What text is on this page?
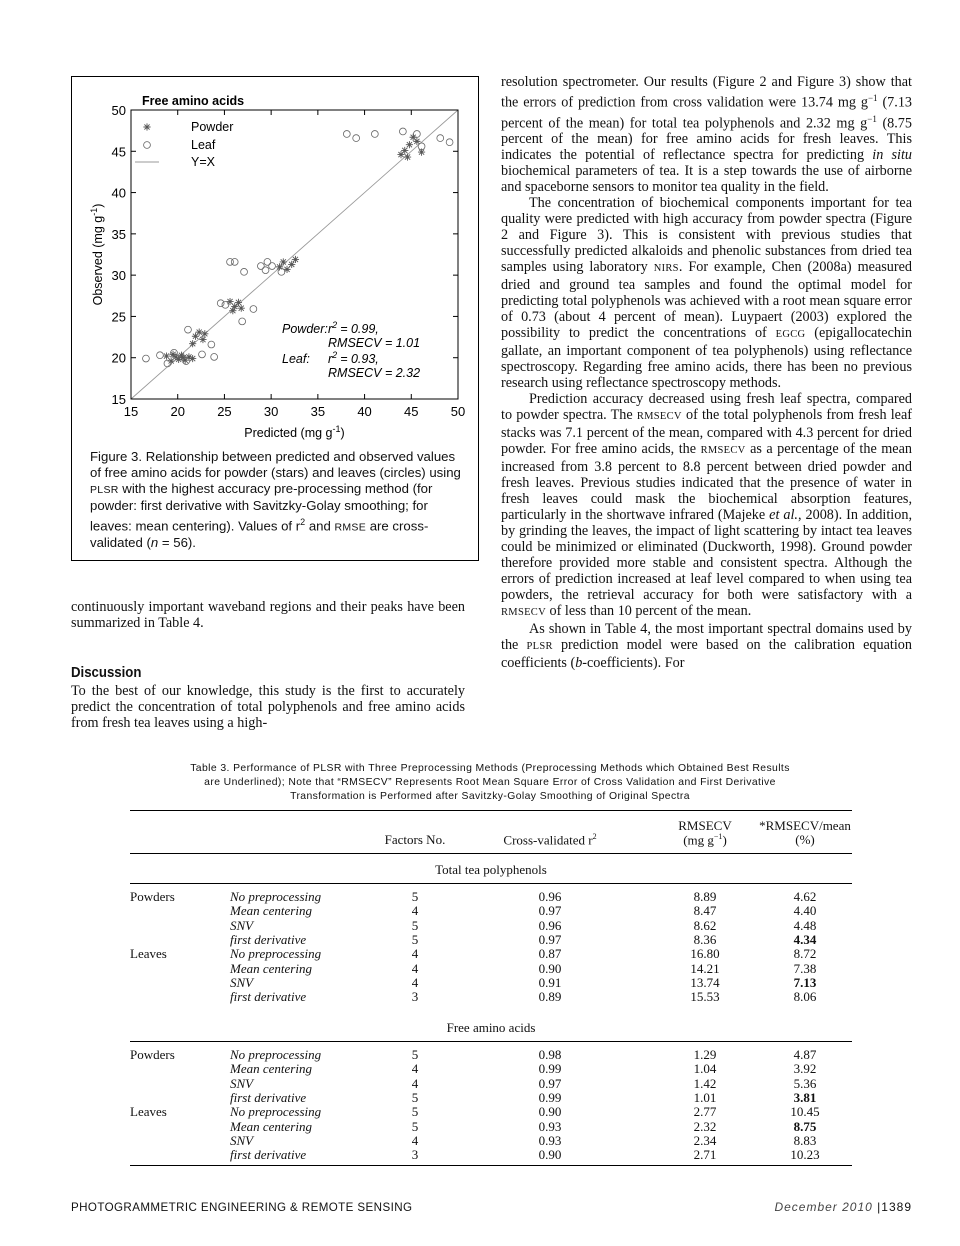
15 20 25 30 35 40 45 50
15
20
25
30
35
40
45
50
Free amino acids
Predicted (mg $g^{-1}$)
Observed (mg $g^{-1}$)
Powder
Leaf
Y=X
Powder: $r^2 = 0.99$,
RMSECV = 1.01
Leaf: $r^2 = 0.93$,
RMSECV = 2.32
Figure 3. Relationship between predicted and observed values of free amino acids for powder (stars) and leaves (circles) using PLSR with the highest accuracy pre-processing method (for powder: first derivative with Savitzky-Golay smoothing; for leaves: mean centering). Values of $r^2$ and RMSE are cross-validated (n = 56).

continuously important waveband regions and their peaks have been summarized in Table 4.

Discussion

To the best of our knowledge, this study is the first to accurately predict the concentration of total polyphenols and free amino acids from fresh tea leaves using a high-

resolution spectrometer. Our results (Figure 2 and Figure 3) show that the errors of prediction from cross validation were 13.74 mg $g^{-1}$ (7.13 percent of the mean) for total tea polyphenols and 2.32 mg $g^{-1}$ (8.75 percent of the mean) for free amino acids for fresh leaves. This indicates the potential of reflectance spectra for predicting in situ biochemical parameters of tea. It is a step towards the use of airborne and spaceborne sensors to monitor tea quality in the field.

The concentration of biochemical components important for tea quality were predicted with high accuracy from powder spectra (Figure 2 and Figure 3). This is consistent with previous studies that successfully predicted alkaloids and phenolic substances from dried tea samples using laboratory NIRS. For example, Chen (2008a) measured dried and ground tea samples and found the optimal model for predicting total polyphenols was achieved with a root mean square error of 0.73 (about 4 percent of mean). Luypaert (2003) explored the possibility to predict the concentrations of EGCG (epigallocatechin gallate, an important component of tea polyphenols) using reflectance spectroscopy. Regarding free amino acids, there has been no previous research using reflectance spectroscopy methods.

Prediction accuracy decreased using fresh leaf spectra, compared to powder spectra. The RMSECV of the total polyphenols from fresh leaf stacks was 7.1 percent of the mean, compared with 4.3 percent for dried powder. For free amino acids, the RMSECV as a percentage of the mean increased from 3.8 percent to 8.8 percent between dried powder and fresh leaves. Previous studies indicated that the presence of water in fresh leaves could mask the biochemical absorption features, particularly in the shortwave infrared (Majeke et al., 2008). In addition, by grinding the leaves, the impact of light scattering by intact tea leaves could be minimized or eliminated (Duckworth, 1998). Ground powder therefore provided more stable and consistent spectra. Although the errors of prediction increased at leaf level compared to when using tea powders, the retrieval accuracy for both were satisfactory with a RMSECV of less than 10 percent of the mean.

As shown in Table 4, the most important spectral domains used by the PLSR prediction model were based on the calibration equation coefficients (b-coefficients). For

Table 3. Performance of PLSR with Three Preprocessing Methods (Preprocessing Methods which Obtained Best Results
are Underlined); Note that “RMSECV” Represents Root Mean Square Error of Cross Validation and First Derivative
Transformation is Performed after Savitzky-Golay Smoothing of Original Spectra
Factors No.	Cross-validated $r^2$
RMSECV
(mg $g^{-1}$)
*RMSECV/mean
(%)
Total tea polyphenols
Powders	No preprocessing	5	0.96	8.89	4.62
Mean centering	4	0.97	8.47	4.40
SNV	5	0.96	8.62	4.48
first derivative	5	0.97	8.36	4.34
Leaves	No preprocessing	4	0.87	16.80	8.72
Mean centering	4	0.90	14.21	7.38
SNV	4	0.91	13.74	7.13
first derivative	3	0.89	15.53	8.06
Free amino acids
Powders	No preprocessing	5	0.98	1.29	4.87
Mean centering	4	0.99	1.04	3.92
SNV	4	0.97	1.42	5.36
first derivative	5	0.99	1.01	3.81
Leaves	No preprocessing	5	0.90	2.77	10.45
Mean centering	5	0.93	2.32	8.75
SNV	4	0.93	2.34	8.83
first derivative	3	0.90	2.71	10.23
PHOTOGRAMMETRIC ENGINEERING & REMOTE SENSING	December 2010 |1389
